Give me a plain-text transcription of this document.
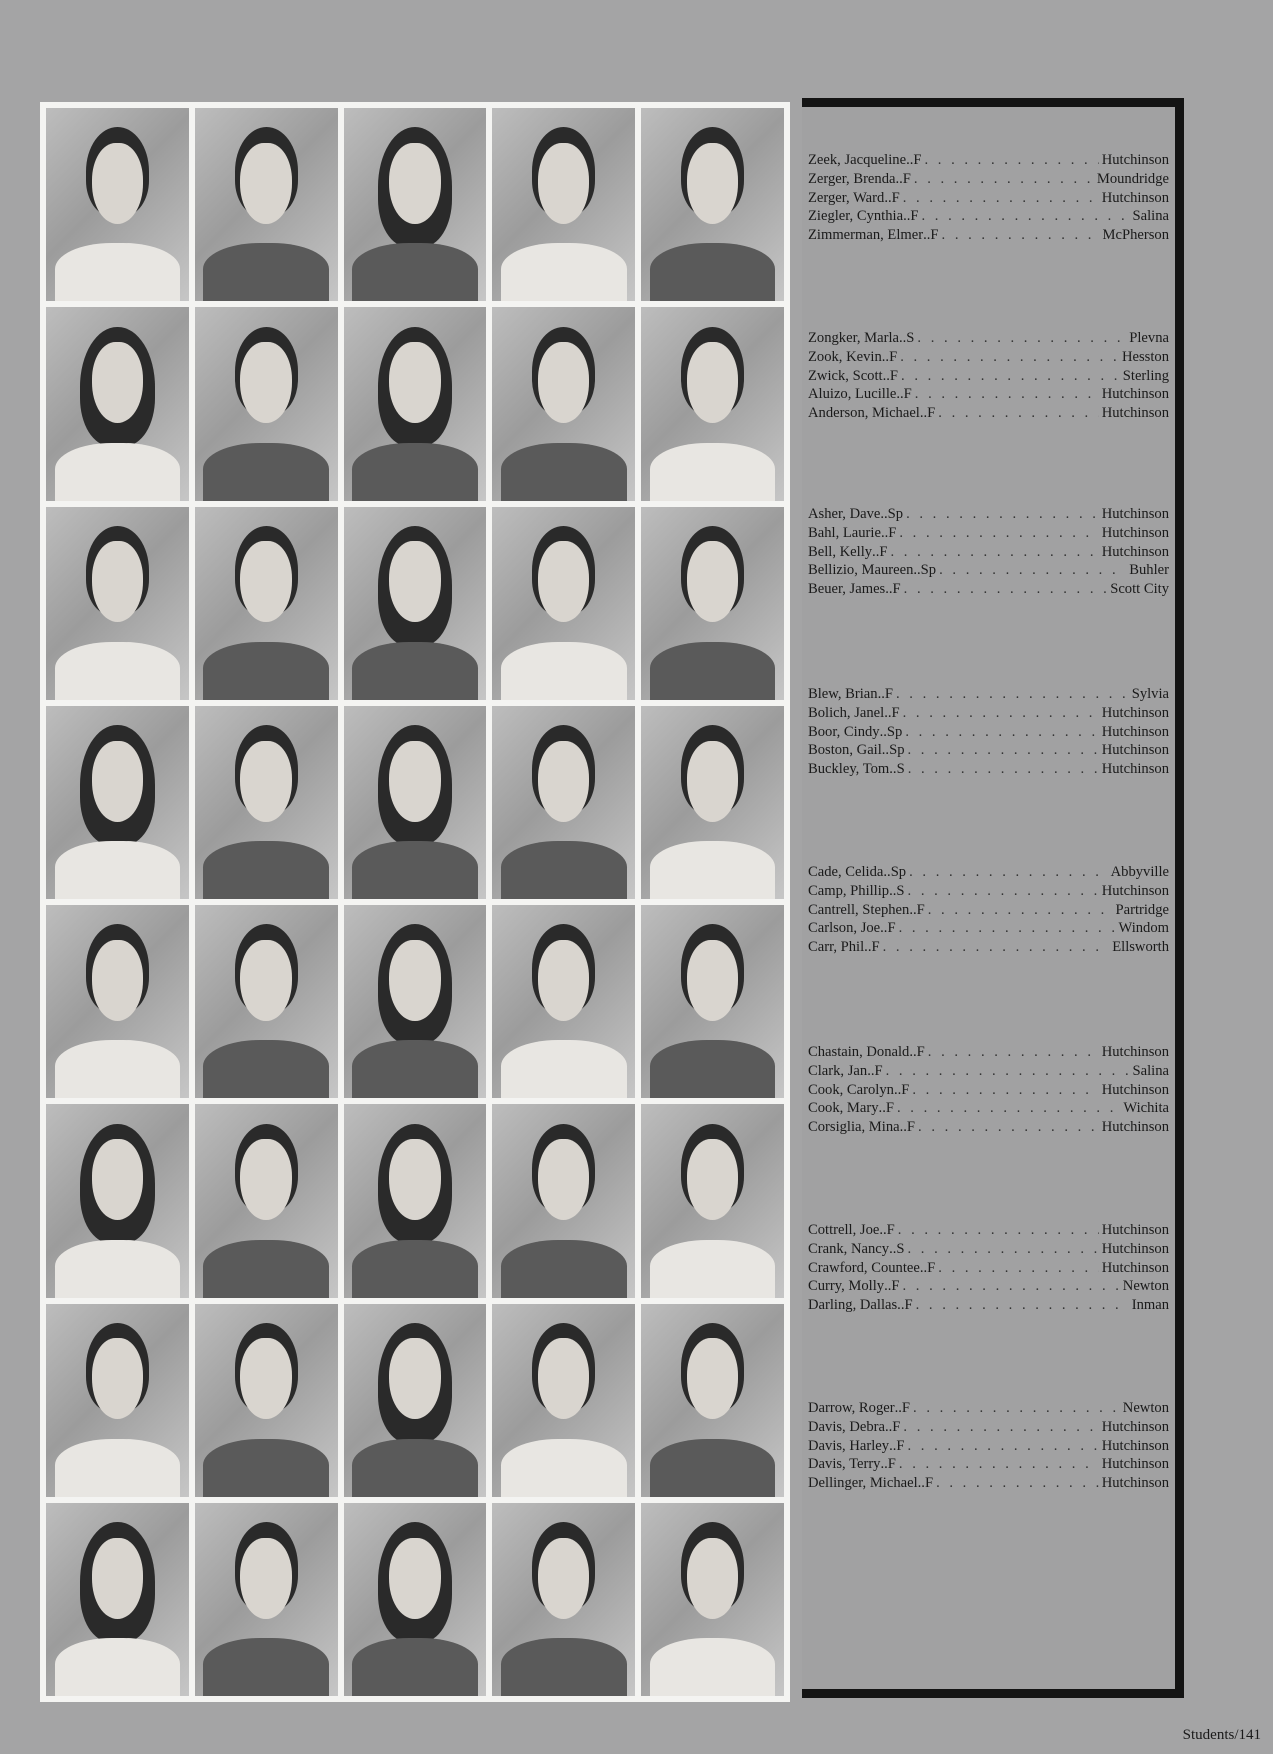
Zeek, Jacqueline .. F . . .	Hutchinson
Zerger, Brenda .. F . . .	Moundridge
Zerger, Ward .. F . . .	Hutchinson
Ziegler, Cynthia .. F . . .	Salina
Zimmerman, Elmer .. F . . .	McPherson
Zongker, Marla .. S . . .	Plevna
Zook, Kevin .. F . . .	Hesston
Zwick, Scott .. F . . .	Sterling
Aluizo, Lucille .. F . . .	Hutchinson
Anderson, Michael .. F . . .	Hutchinson
Asher, Dave .. Sp . . .	Hutchinson
Bahl, Laurie .. F . . .	Hutchinson
Bell, Kelly .. F . . .	Hutchinson
Bellizio, Maureen .. Sp . . .	Buhler
Beuer, James .. F . . .	Scott City
Blew, Brian .. F . . .	Sylvia
Bolich, Janel .. F . . .	Hutchinson
Boor, Cindy .. Sp . . .	Hutchinson
Boston, Gail .. Sp . . .	Hutchinson
Buckley, Tom .. S . . .	Hutchinson
Cade, Celida .. Sp . . .	Abbyville
Camp, Phillip .. S . . .	Hutchinson
Cantrell, Stephen .. F . . .	Partridge
Carlson, Joe .. F . . .	Windom
Carr, Phil .. F . . .	Ellsworth
Chastain, Donald .. F . . .	Hutchinson
Clark, Jan .. F . . .	Salina
Cook, Carolyn .. F . . .	Hutchinson
Cook, Mary .. F . . .	Wichita
Corsiglia, Mina .. F . . .	Hutchinson
Cottrell, Joe .. F . . .	Hutchinson
Crank, Nancy .. S . . .	Hutchinson
Crawford, Countee .. F . . .	Hutchinson
Curry, Molly .. F . . .	Newton
Darling, Dallas .. F . . .	Inman
Darrow, Roger .. F . . .	Newton
Davis, Debra .. F . . .	Hutchinson
Davis, Harley .. F . . .	Hutchinson
Davis, Terry .. F . . .	Hutchinson
Dellinger, Michael .. F . . .	Hutchinson
Students/141
